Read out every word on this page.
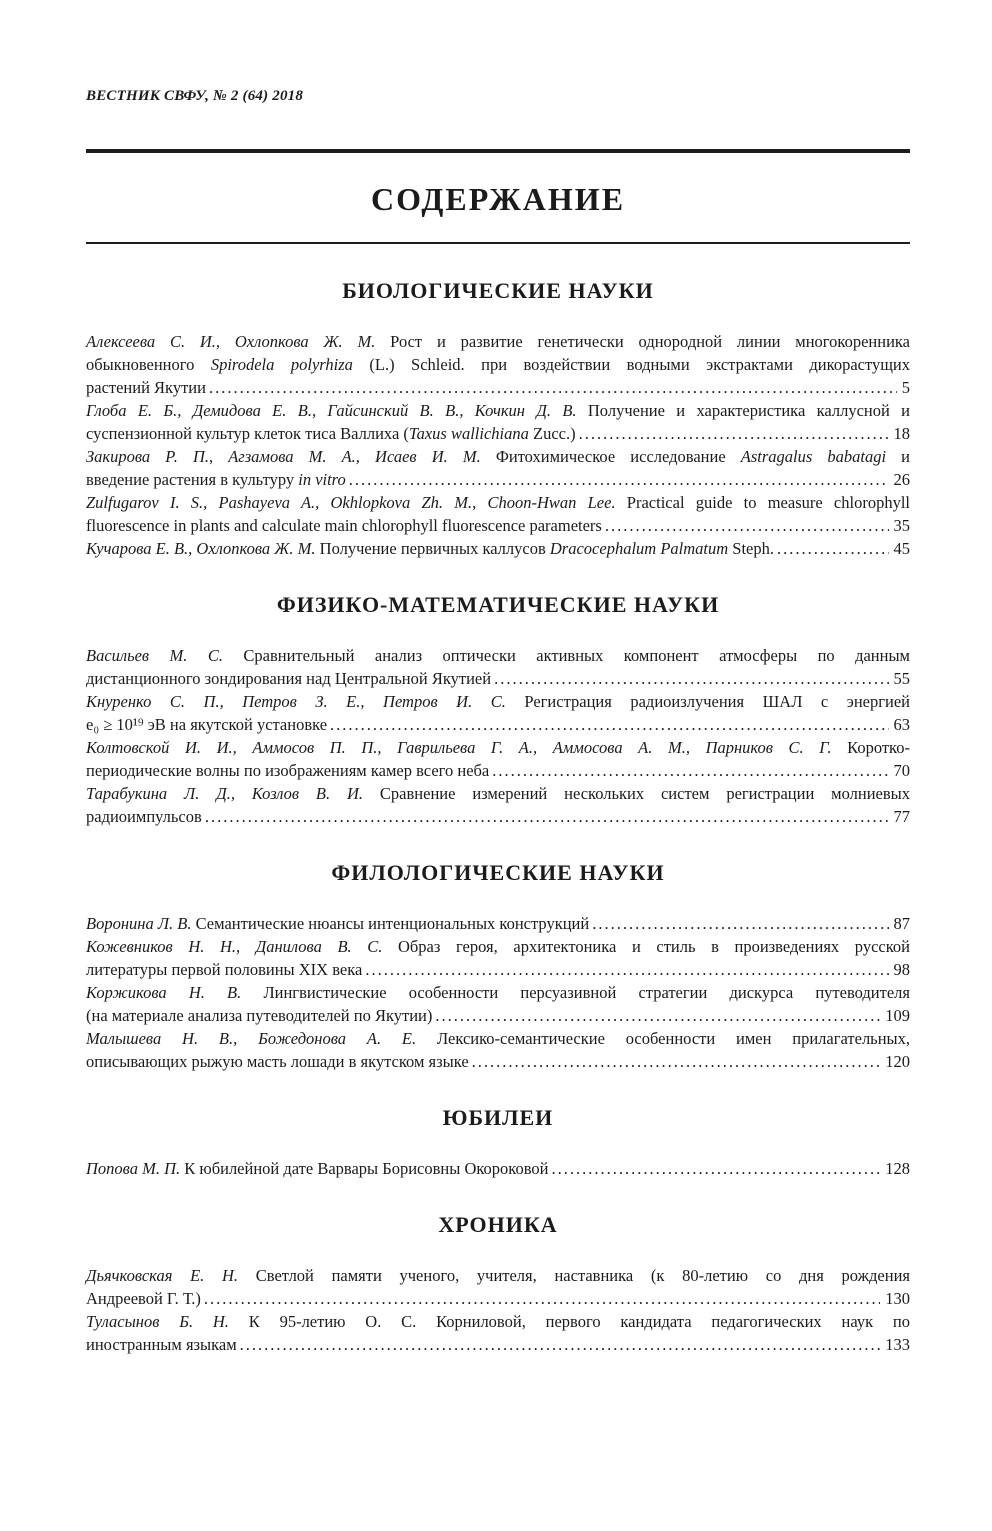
ВЕСТНИК СВФУ, № 2 (64) 2018
СОДЕРЖАНИЕ
БИОЛОГИЧЕСКИЕ НАУКИ
Алексеева С. И., Охлопкова Ж. М. Рост и развитие генетически однородной линии многокоренника
обыкновенного Spirodela polyrhiza (L.) Schleid. при воздействии водными экстрактами дикорастущих
растений Якутии .....	5
Глоба Е. Б., Демидова Е. В., Гайсинский В. В., Кочкин Д. В. Получение и характеристика каллусной и
суспензионной культур клеток тиса Валлиха (Taxus wallichiana Zucc.) .....	18
Закирова Р. П., Агзамова М. А., Исаев И. М. Фитохимическое исследование Astragalus babatagi и
введение растения в культуру in vitro .....	26
Zulfugarov I. S., Pashayeva A., Okhlopkova Zh. M., Choon-Hwan Lee. Practical guide to measure chlorophyll
fluorescence in plants and calculate main chlorophyll fluorescence parameters .....	35
Кучарова Е. В., Охлопкова Ж. М. Получение первичных каллусов Dracocephalum Palmatum Steph. .....	45
ФИЗИКО-МАТЕМАТИЧЕСКИЕ НАУКИ
Васильев М. С. Сравнительный анализ оптически активных компонент атмосферы по данным
дистанционного зондирования над Центральной Якутией .....	55
Кнуренко С. П., Петров З. Е., Петров И. С. Регистрация радиоизлучения ШАЛ с энергией
e₀ ≥ 10¹⁹ эВ на якутской установке .....	63
Колтовской И. И., Аммосов П. П., Гаврильева Г. А., Аммосова А. М., Парников С. Г. Коротко-
периодические волны по изображениям камер всего неба .....	70
Тарабукина Л. Д., Козлов В. И. Сравнение измерений нескольких систем регистрации молниевых
радиоимпульсов .....	77
ФИЛОЛОГИЧЕСКИЕ НАУКИ
Воронина Л. В. Семантические нюансы интенциональных конструкций .....	87
Кожевников Н. Н., Данилова В. С. Образ героя, архитектоника и стиль в произведениях русской
литературы первой половины XIX века .....	98
Коржикова Н. В. Лингвистические особенности персуазивной стратегии дискурса путеводителя
(на материале анализа путеводителей по Якутии) .....	109
Малышева Н. В., Божедонова А. Е. Лексико-семантические особенности имен прилагательных,
описывающих рыжую масть лошади в якутском языке .....	120
ЮБИЛЕИ
Попова М. П. К юбилейной дате Варвары Борисовны Окороковой .....	128
ХРОНИКА
Дьячковская Е. Н. Светлой памяти ученого, учителя, наставника (к 80-летию со дня рождения
Андреевой Г. Т.) .....	130
Туласынов Б. Н. К 95-летию О. С. Корниловой, первого кандидата педагогических наук по
иностранным языкам .....	133
